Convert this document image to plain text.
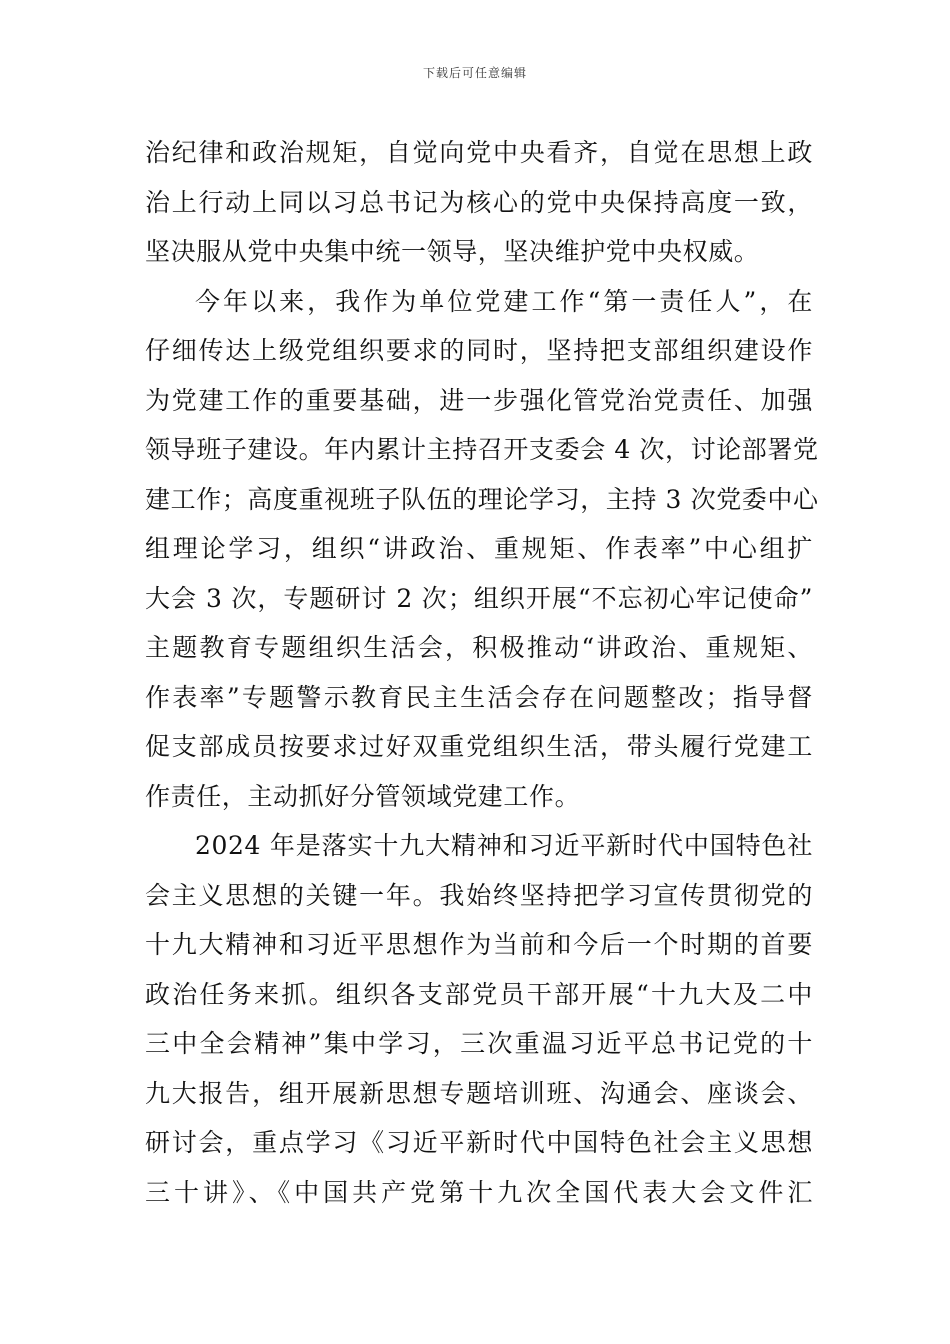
下载后可任意编辑
治纪律和政治规矩，自觉向党中央看齐，自觉在思想上政
治上行动上同以习总书记为核心的党中央保持高度一致，
坚决服从党中央集中统一领导，坚决维护党中央权威。
今年以来，我作为单位党建工作“第一责任人”，在
仔细传达上级党组织要求的同时，坚持把支部组织建设作
为党建工作的重要基础，进一步强化管党治党责任、加强
领导班子建设。年内累计主持召开支委会 4 次，讨论部署党
建工作；高度重视班子队伍的理论学习，主持 3 次党委中心
组理论学习，组织“讲政治、重规矩、作表率”中心组扩
大会 3 次，专题研讨 2 次；组织开展“不忘初心牢记使命”
主题教育专题组织生活会，积极推动“讲政治、重规矩、
作表率”专题警示教育民主生活会存在问题整改；指导督
促支部成员按要求过好双重党组织生活，带头履行党建工
作责任，主动抓好分管领域党建工作。
2024 年是落实十九大精神和习近平新时代中国特色社
会主义思想的关键一年。我始终坚持把学习宣传贯彻党的
十九大精神和习近平思想作为当前和今后一个时期的首要
政治任务来抓。组织各支部党员干部开展“十九大及二中
三中全会精神”集中学习，三次重温习近平总书记党的十
九大报告，组开展新思想专题培训班、沟通会、座谈会、
研讨会，重点学习《习近平新时代中国特色社会主义思想
三十讲》、《中国共产党第十九次全国代表大会文件汇
